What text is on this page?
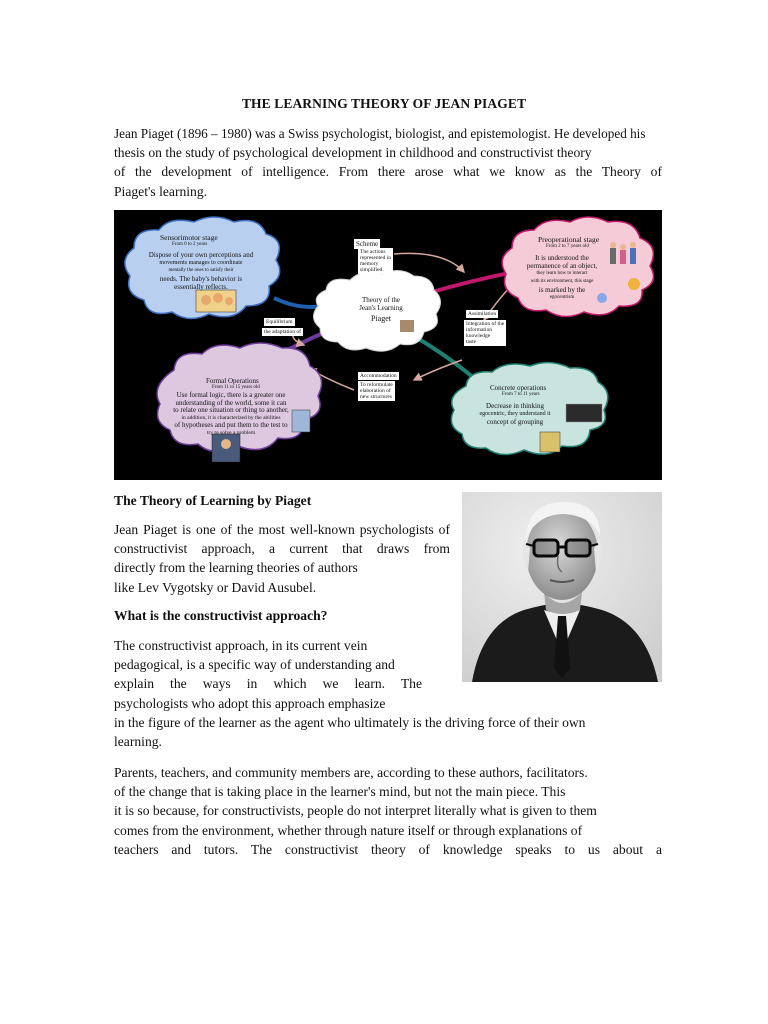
THE LEARNING THEORY OF JEAN PIAGET
Jean Piaget (1896 – 1980) was a Swiss psychologist, biologist, and epistemologist. He developed his
thesis on the study of psychological development in childhood and constructivist theory
of the development of intelligence. From there arose what we know as the Theory of
Piaget's learning.
Sensorimotor stage
From 0 to 2 years
Dispose of your own perceptions and
movements manages to coordinate
mentally the ones to satisfy their
needs. The baby's behavior is
essentially reflects.
Preoperational stage
From 2 to 7 years old
It is understood the
permanence of an object,
they learn how to interact
with its environment, this stage
is marked by the
egocentrism
Theory of the
Jean's Learning
Piaget
Scheme
The actions
represented in
memory
simplified.
Equilibrium
the adaptation of
Assimilation
Integration of the
information
knowledge
taste
Accommodation
To reformulate
elaboration of
new structures
Formal Operations
From 11 to 15 years old
Use formal logic, there is a greater one
understanding of the world, some it can
to relate one situation or thing to another,
in addition, it is characterized by the abilities
of hypotheses and put them to the test to
try to solve a problem
Concrete operations
From 7 to 11 years
Decrease in thinking
egocentric, they understand it
concept of grouping
The Theory of Learning by Piaget
Jean Piaget is one of the most well-known psychologists of
constructivist approach, a current that draws from
directly from the learning theories of authors
like Lev Vygotsky or David Ausubel.
What is the constructivist approach?
The constructivist approach, in its current vein
pedagogical, is a specific way of understanding and
explain the ways in which we learn. The
psychologists who adopt this approach emphasize
in the figure of the learner as the agent who ultimately is the driving force of their own
learning.
Parents, teachers, and community members are, according to these authors, facilitators.
of the change that is taking place in the learner's mind, but not the main piece. This
it is so because, for constructivists, people do not interpret literally what is given to them
comes from the environment, whether through nature itself or through explanations of
teachers and tutors. The constructivist theory of knowledge speaks to us about a
